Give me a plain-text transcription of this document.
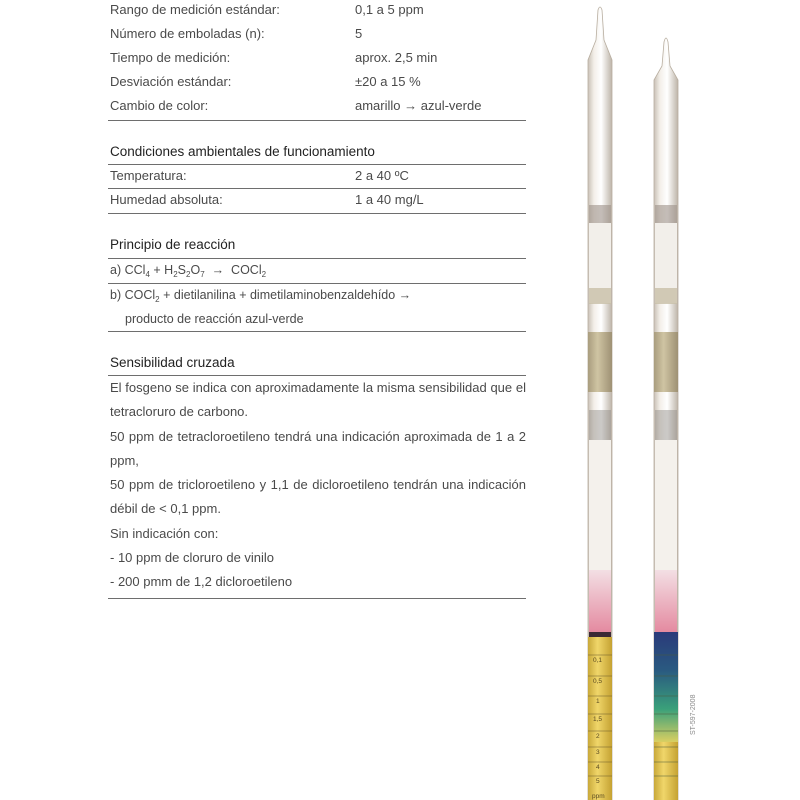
Rango de medición estándar:	0,1 a 5 ppm
Número de emboladas (n):	5
Tiempo de medición:	aprox. 2,5 min
Desviación estándar:	±20 a 15 %
Cambio de color:	amarillo → azul-verde
Condiciones ambientales de funcionamiento
Temperatura:	2 a 40 ºC
Humedad absoluta:	1 a 40 mg/L
Principio de reacción
a) $CCl_4 + H_2S_2O_7$ → COCl$_2$
b) COCl$_2$ + dietilanilina + dimetilaminobenzaldehído →
producto de reacción azul-verde
Sensibilidad cruzada

El fosgeno se indica con aproximadamente la misma sensibilidad que el tetracloruro de carbono.

50 ppm de tetracloroetileno tendrá una indicación aproximada de 1 a 2 ppm,

50 ppm de tricloroetileno y 1,1 de dicloroetileno tendrán una indicación débil de < 0,1 ppm.

Sin indicación con:

- 10 ppm de cloruro de vinilo

- 200 pmm de 1,2 dicloroetileno

0,1
0,5
1
1,5
2
3
4
5
ppm
ST-597-2008
